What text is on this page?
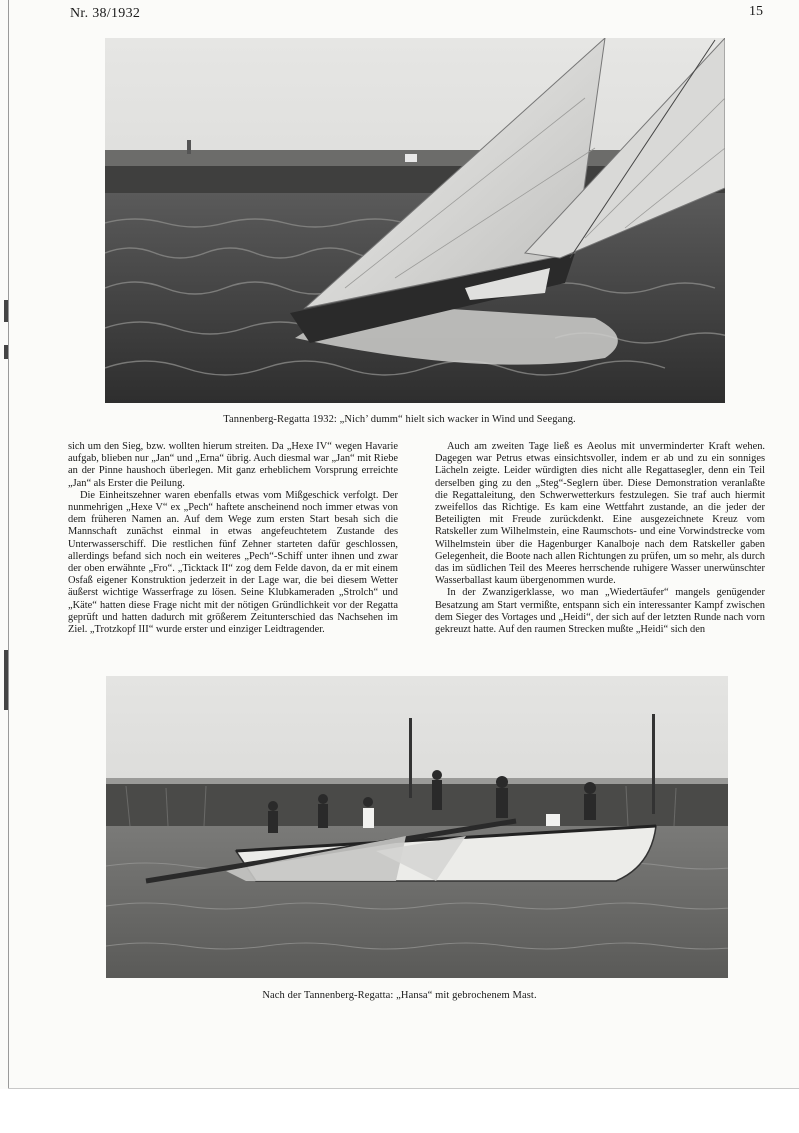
Nr. 38/1932	15
Tannenberg-Regatta 1932: „Nich’ dumm“ hielt sich wacker in Wind und Seegang.

sich um den Sieg, bzw. wollten hierum streiten. Da „Hexe IV“ wegen Havarie aufgab, blieben nur „Jan“ und „Erna“ übrig. Auch diesmal war „Jan“ mit Riebe an der Pinne haushoch überlegen. Mit ganz erheblichem Vorsprung erreichte „Jan“ als Erster die Peilung.

Die Einheitszehner waren ebenfalls etwas vom Mißgeschick verfolgt. Der nunmehrigen „Hexe V“ ex „Pech“ haftete anscheinend noch immer etwas von dem früheren Namen an. Auf dem Wege zum ersten Start besah sich die Mannschaft zunächst einmal in etwas angefeuchtetem Zustande des Unterwasserschiff. Die restlichen fünf Zehner starteten dafür geschlossen, allerdings befand sich noch ein weiteres „Pech“-Schiff unter ihnen und zwar der oben erwähnte „Fro“. „Ticktack II“ zog dem Felde davon, da er mit einem Osfaß eigener Konstruktion jederzeit in der Lage war, die bei diesem Wetter äußerst wichtige Wasserfrage zu lösen. Seine Klubkameraden „Strolch“ und „Käte“ hatten diese Frage nicht mit der nötigen Gründlichkeit vor der Regatta geprüft und hatten dadurch mit größerem Zeitunterschied das Nachsehen im Ziel. „Trotzkopf III“ wurde erster und einziger Leidtragender.

Auch am zweiten Tage ließ es Aeolus mit unverminderter Kraft wehen. Dagegen war Petrus etwas einsichtsvoller, indem er ab und zu ein sonniges Lächeln zeigte. Leider würdigten dies nicht alle Regattasegler, denn ein Teil derselben ging zu den „Steg“-Seglern über. Diese Demonstration veranlaßte die Regattaleitung, den Schwerwetterkurs festzulegen. Sie traf auch hiermit zweifellos das Richtige. Es kam eine Wettfahrt zustande, an die jeder der Beteiligten mit Freude zurückdenkt. Eine ausgezeichnete Kreuz vom Ratskeller zum Wilhelmstein, eine Raumschots- und eine Vorwindstrecke vom Wilhelmstein über die Hagenburger Kanalboje nach dem Ratskeller gaben Gelegenheit, die Boote nach allen Richtungen zu prüfen, um so mehr, als durch das im südlichen Teil des Meeres herrschende ruhigere Wasser unerwünschter Wasserballast kaum übergenommen wurde.

In der Zwanzigerklasse, wo man „Wiedertäufer“ mangels genügender Besatzung am Start vermißte, entspann sich ein interessanter Kampf zwischen dem Sieger des Vortages und „Heidi“, der sich auf der letzten Runde nach vorn gekreuzt hatte. Auf den raumen Strecken mußte „Heidi“ sich den

Nach der Tannenberg-Regatta: „Hansa“ mit gebrochenem Mast.
